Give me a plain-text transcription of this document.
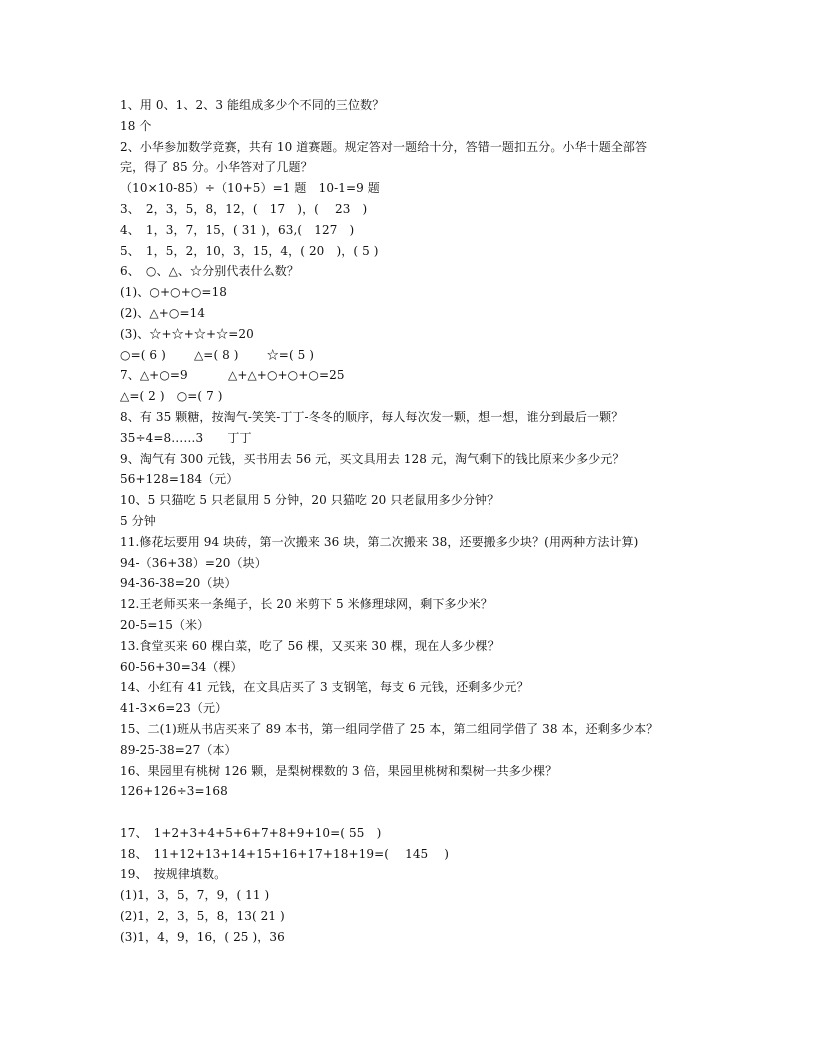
1、用 0、1、2、3 能组成多少个不同的三位数？
18 个
2、小华参加数学竞赛，共有 10 道赛题。规定答对一题给十分，答错一题扣五分。小华十题全部答
完，得了 85 分。小华答对了几题？
（10×10-85）÷（10+5）=1 题　10-1=9 题
3、　2，3，5，8，12，(　17　)，(　 23　)
4、　1，3，7，15，( 31 )，63,(　127　)
5、　1，5，2，10，3，15，4，( 20　)，( 5 )
6、　○、△、☆分别代表什么数？
(1)、○+○+○=18
(2)、△+○=14
(3)、☆+☆+☆+☆=20
○=( 6 )　　 △=( 8 )　　 ☆=( 5 )
7、△+○=9　　　 △+△+○+○+○=25
△=( 2 )　○=( 7 )
8、有 35 颗糖，按淘气-笑笑-丁丁-冬冬的顺序，每人每次发一颗，想一想，谁分到最后一颗？
35÷4=8……3　　丁丁
9、淘气有 300 元钱，买书用去 56 元，买文具用去 128 元，淘气剩下的钱比原来少多少元？
56+128=184（元）
10、5 只猫吃 5 只老鼠用 5 分钟，20 只猫吃 20 只老鼠用多少分钟？
5 分钟
11.修花坛要用 94 块砖，第一次搬来 36 块，第二次搬来 38，还要搬多少块？(用两种方法计算)
94-（36+38）=20（块）
94-36-38=20（块）
12.王老师买来一条绳子，长 20 米剪下 5 米修理球网，剩下多少米？
20-5=15（米）
13.食堂买来 60 棵白菜，吃了 56 棵，又买来 30 棵，现在人多少棵？
60-56+30=34（棵）
14、小红有 41 元钱，在文具店买了 3 支钢笔，每支 6 元钱，还剩多少元？
41-3×6=23（元）
15、二(1)班从书店买来了 89 本书，第一组同学借了 25 本，第二组同学借了 38 本，还剩多少本？
89-25-38=27（本）
16、果园里有桃树 126 颗，是梨树棵数的 3 倍，果园里桃树和梨树一共多少棵？
126+126÷3=168
17、　1+2+3+4+5+6+7+8+9+10=( 55　)
18、　11+12+13+14+15+16+17+18+19=(　 145　 )
19、　按规律填数。
(1)1，3，5，7，9，( 11 )
(2)1，2，3，5，8，13( 21 )
(3)1，4，9，16，( 25 )，36
